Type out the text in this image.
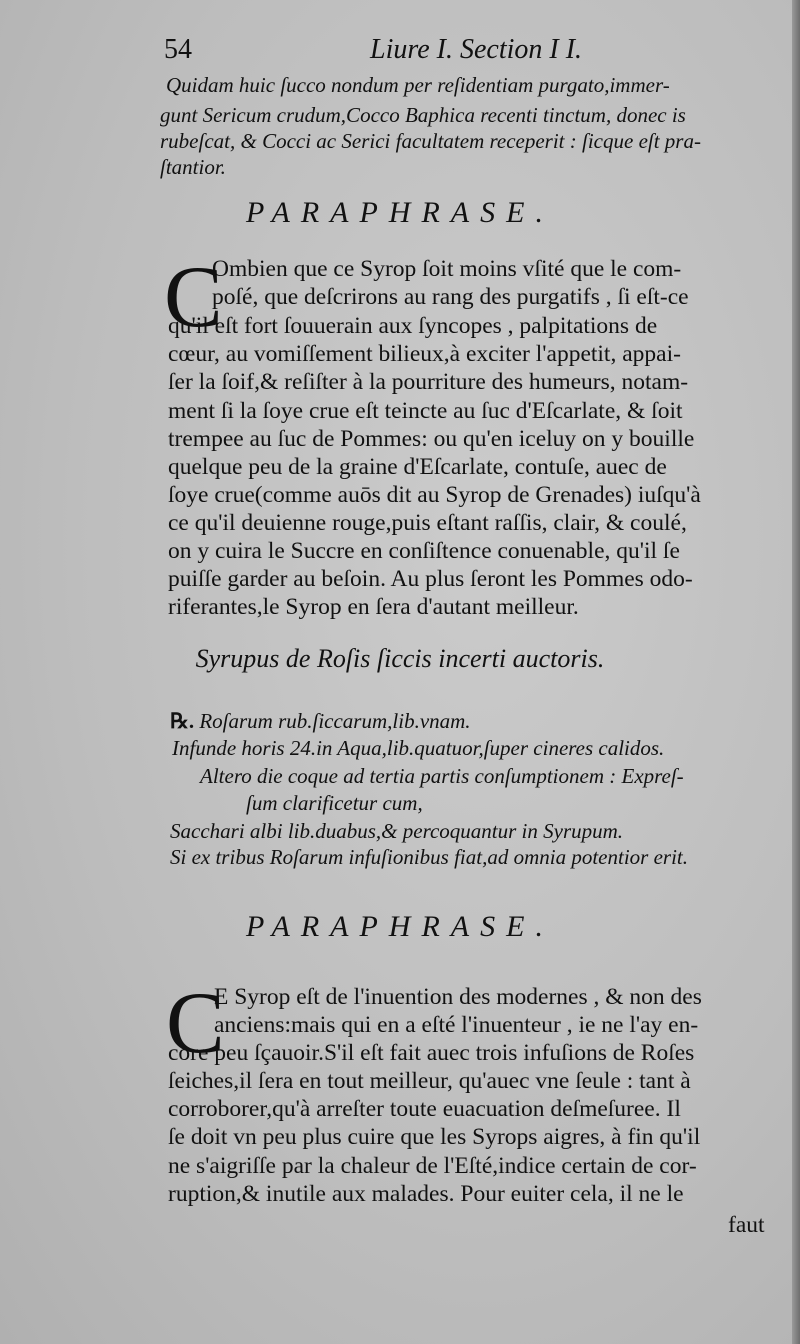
54	Liure I. Section I I.
Quidam huic ſucco nondum per reſidentiam purgato,immer-
gunt Sericum crudum,Cocco Baphica recenti tinctum, donec is
rubeſcat, & Cocci ac Serici facultatem receperit : ſicque eſt pra-
ſtantior.
PARAPHRASE.
C
Ombien que ce Syrop ſoit moins vſité que le com-
poſé, que deſcrirons au rang des purgatifs , ſi eſt-ce
qu'il eſt fort ſouuerain aux ſyncopes , palpitations de
cœur, au vomiſſement bilieux,à exciter l'appetit, appai-
ſer la ſoif,& reſiſter à la pourriture des humeurs, notam-
ment ſi la ſoye crue eſt teincte au ſuc d'Eſcarlate, & ſoit
trempee au ſuc de Pommes: ou qu'en iceluy on y bouille
quelque peu de la graine d'Eſcarlate, contuſe, auec de
ſoye crue(comme auōs dit au Syrop de Grenades) iuſqu'à
ce qu'il deuienne rouge,puis eſtant raſſis, clair, & coulé,
on y cuira le Succre en conſiſtence conuenable, qu'il ſe
puiſſe garder au beſoin. Au plus ſeront les Pommes odo-
riferantes,le Syrop en ſera d'autant meilleur.
Syrupus de Roſis ſiccis incerti auctoris.
℞. Roſarum rub.ſiccarum,lib.vnam.
Infunde horis 24.in Aqua,lib.quatuor,ſuper cineres calidos.
Altero die coque ad tertia partis conſumptionem : Expreſ-
ſum clarificetur cum,
Sacchari albi lib.duabus,& percoquantur in Syrupum.
Si ex tribus Roſarum infuſionibus fiat,ad omnia potentior erit.
PARAPHRASE.
C
E Syrop eſt de l'inuention des modernes , & non des
anciens:mais qui en a eſté l'inuenteur , ie ne l'ay en-
core peu ſçauoir.S'il eſt fait auec trois infuſions de Roſes
ſeiches,il ſera en tout meilleur, qu'auec vne ſeule : tant à
corroborer,qu'à arreſter toute euacuation deſmeſuree. Il
ſe doit vn peu plus cuire que les Syrops aigres, à fin qu'il
ne s'aigriſſe par la chaleur de l'Eſté,indice certain de cor-
ruption,& inutile aux malades. Pour euiter cela, il ne le
faut
